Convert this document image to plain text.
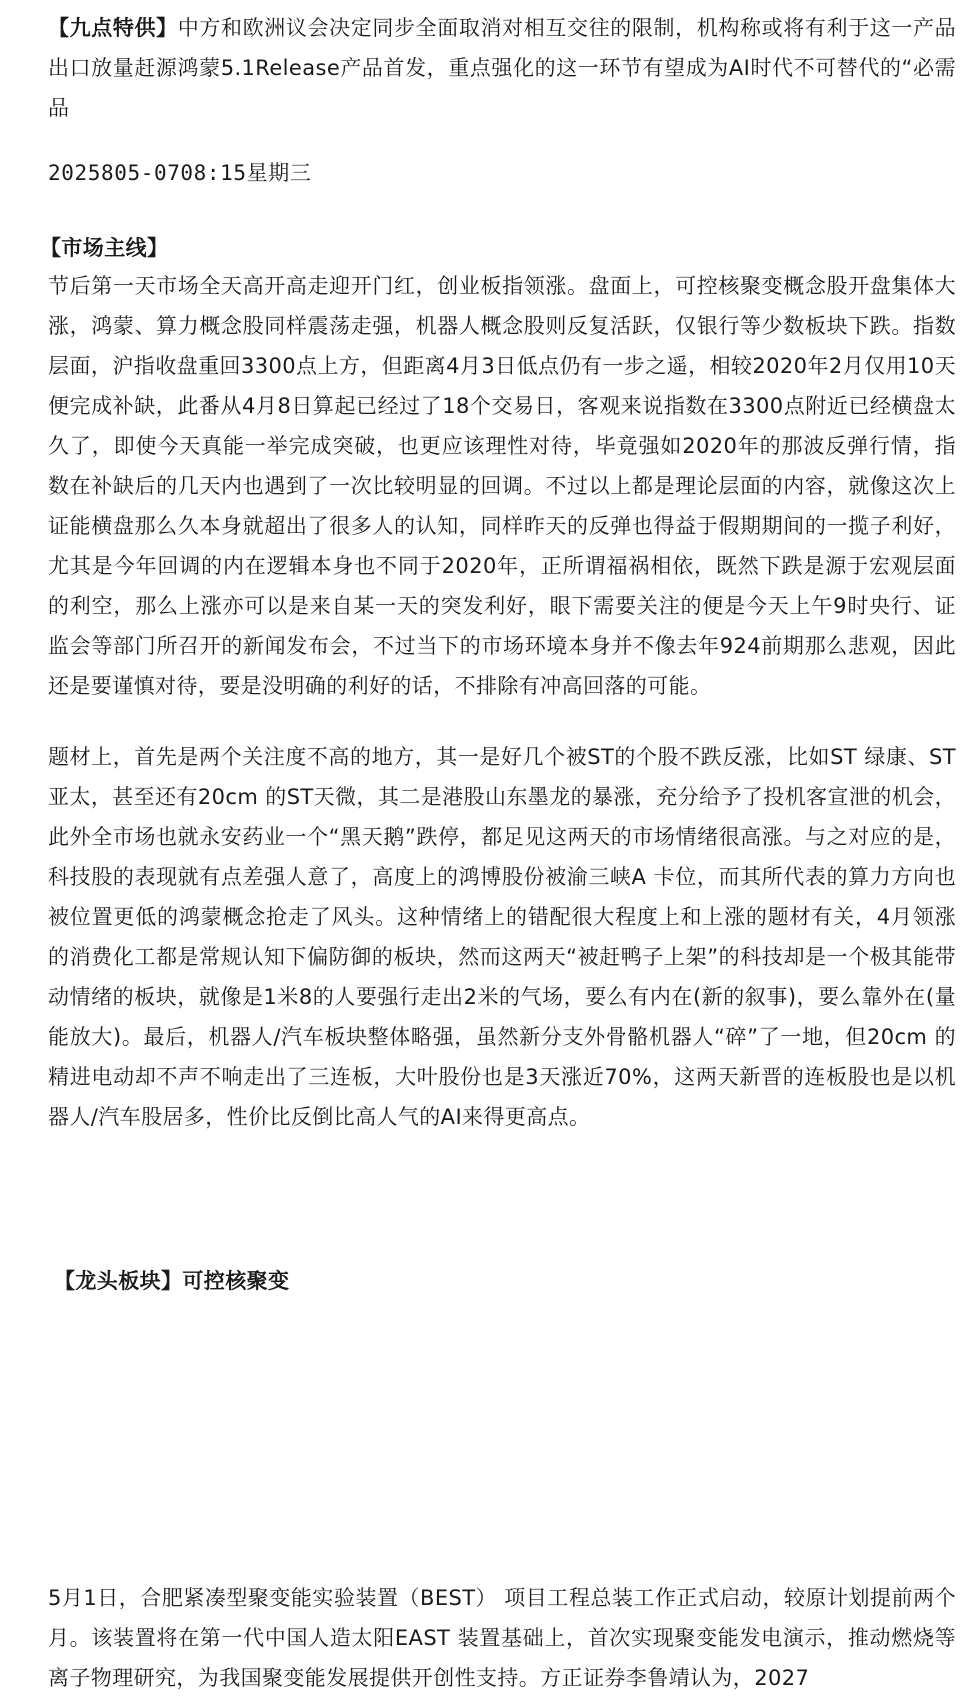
【九点特供】中方和欧洲议会决定同步全面取消对相互交往的限制，机构称或将有利于这一产品出口放量赶源鸿蒙5.1Release产品首发，重点强化的这一环节有望成为AI时代不可替代的“必需品

2025805-0708:15星期三

【市场主线】

节后第一天市场全天高开高走迎开门红，创业板指领涨。盘面上，可控核聚变概念股开盘集体大涨，鸿蒙、算力概念股同样震荡走强，机器人概念股则反复活跃，仅银行等少数板块下跌。指数层面，沪指收盘重回3300点上方，但距离4月3日低点仍有一步之遥，相较2020年2月仅用10天便完成补缺，此番从4月8日算起已经过了18个交易日，客观来说指数在3300点附近已经横盘太久了，即使今天真能一举完成突破，也更应该理性对待，毕竟强如2020年的那波反弹行情，指数在补缺后的几天内也遇到了一次比较明显的回调。不过以上都是理论层面的内容，就像这次上证能横盘那么久本身就超出了很多人的认知，同样昨天的反弹也得益于假期期间的一揽子利好，尤其是今年回调的内在逻辑本身也不同于2020年，正所谓福祸相依，既然下跌是源于宏观层面的利空，那么上涨亦可以是来自某一天的突发利好，眼下需要关注的便是今天上午9时央行、证监会等部门所召开的新闻发布会，不过当下的市场环境本身并不像去年924前期那么悲观，因此还是要谨慎对待，要是没明确的利好的话，不排除有冲高回落的可能。

题材上，首先是两个关注度不高的地方，其一是好几个被ST的个股不跌反涨，比如ST 绿康、ST 亚太，甚至还有20cm 的ST天微，其二是港股山东墨龙的暴涨，充分给予了投机客宣泄的机会，此外全市场也就永安药业一个“黑天鹅”跌停，都足见这两天的市场情绪很高涨。与之对应的是，科技股的表现就有点差强人意了，高度上的鸿博股份被渝三峡A 卡位，而其所代表的算力方向也被位置更低的鸿蒙概念抢走了风头。这种情绪上的错配很大程度上和上涨的题材有关，4月领涨的消费化工都是常规认知下偏防御的板块，然而这两天“被赶鸭子上架”的科技却是一个极其能带动情绪的板块，就像是1米8的人要强行走出2米的气场，要么有内在(新的叙事)，要么靠外在(量能放大)。最后，机器人/汽车板块整体略强，虽然新分支外骨骼机器人“碎”了一地，但20cm 的精进电动却不声不响走出了三连板，大叶股份也是3天涨近70%，这两天新晋的连板股也是以机器人/汽车股居多，性价比反倒比高人气的AI来得更高点。

【龙头板块】可控核聚变

5月1日，合肥紧凑型聚变能实验装置（BEST） 项目工程总装工作正式启动，较原计划提前两个月。该装置将在第一代中国人造太阳EAST 装置基础上，首次实现聚变能发电演示，推动燃烧等离子物理研究，为我国聚变能发展提供开创性支持。方正证券李鲁靖认为，2027
